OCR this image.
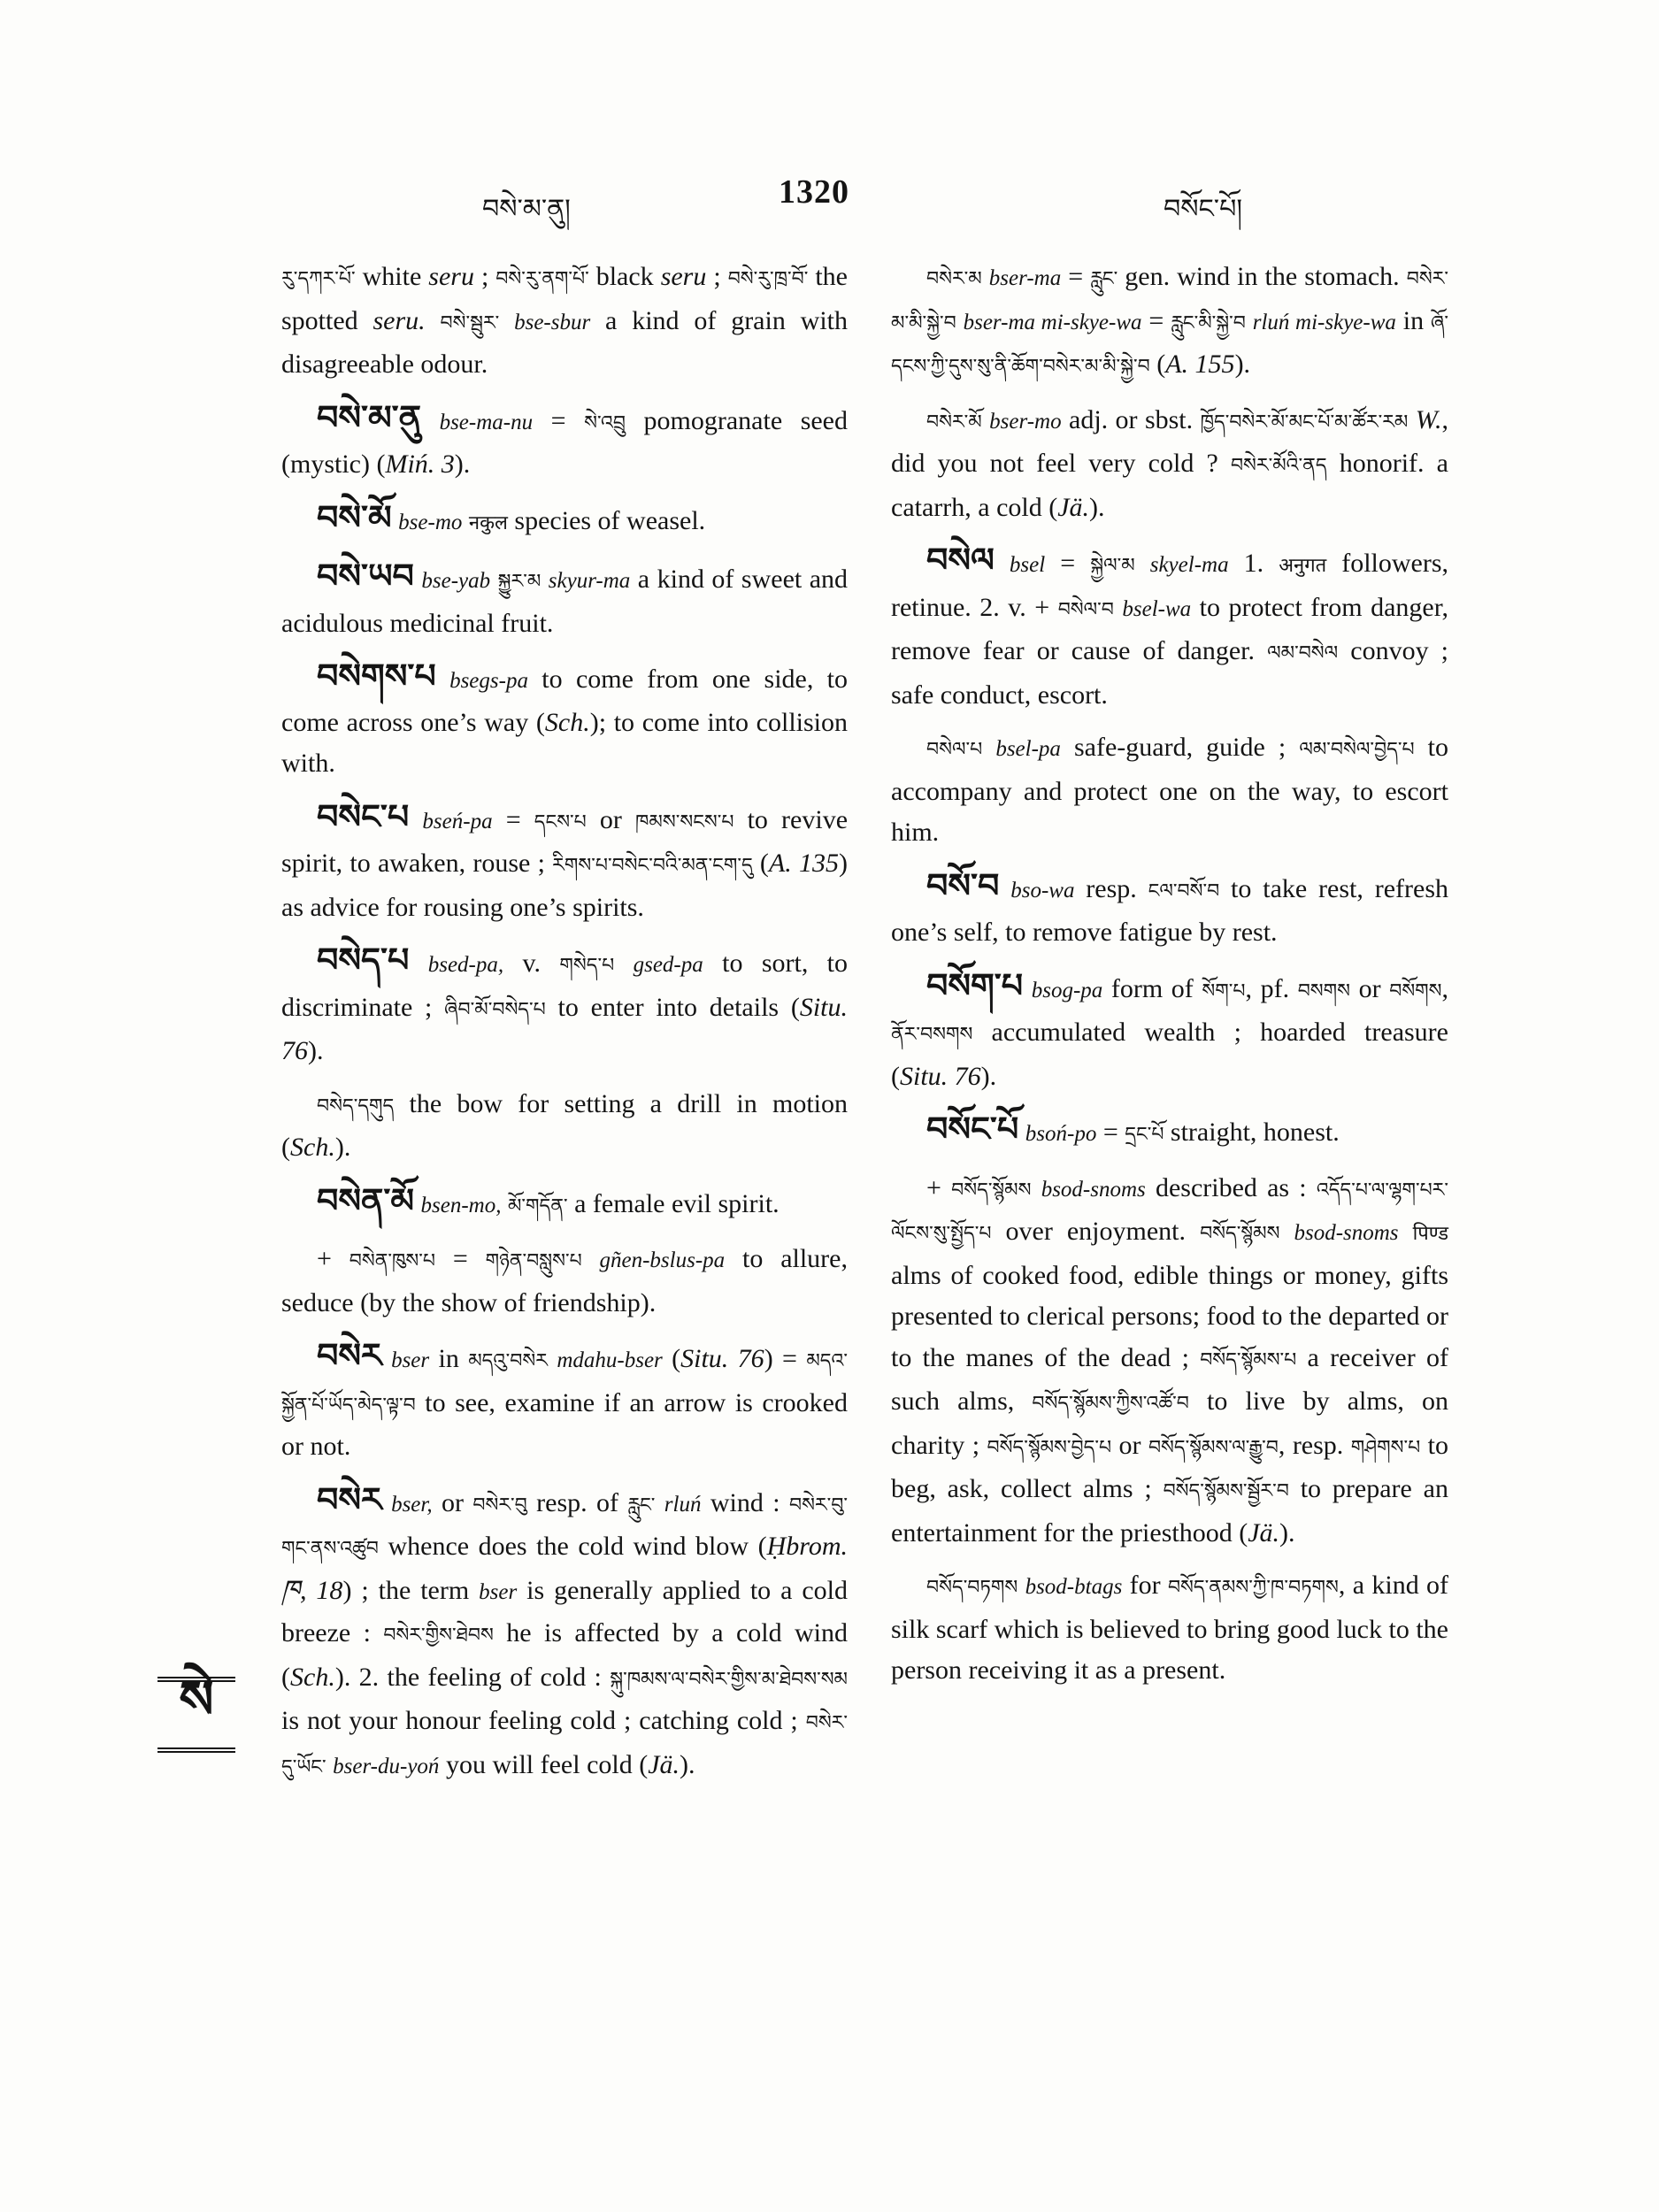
བསེ་མ་ནུ།	1320	བསོང་པོ།

རུ་དཀར་པོ་ white seru ; བསེ་རུ་ནག་པོ་ black seru ; བསེ་རུ་ཁྲ་བོ་ the spotted seru. བསེ་སྦུར་ bse-sbur a kind of grain with disagreeable odour.

བསེ་མ་ནུ bse-ma-nu = སེ་འབྲུ pomogranate seed (mystic) (Miń. 3).

བསེ་མོ bse-mo नकुल species of weasel.

བསེ་ཡབ bse-yab སྐྱུར་མ skyur-ma a kind of sweet and acidulous medicinal fruit.

བསེགས་པ bsegs-pa to come from one side, to come across one’s way (Sch.); to come into collision with.

བསེང་པ bseń-pa = དངས་པ or ཁམས་སངས་པ to revive spirit, to awaken, rouse ; རིགས་པ་བསེང་བའི་མན་ངག་དུ (A. 135) as advice for rousing one’s spirits.

བསེད་པ bsed-pa, v. གསེད་པ gsed-pa to sort, to discriminate ; ཞིབ་མོ་བསེད་པ to enter into details (Situ. 76).

བསེད་དགུད the bow for setting a drill in motion (Sch.).

བསེན་མོ bsen-mo, མོ་གདོན་ a female evil spirit.

+ བསེན་ཁུས་པ = གཉེན་བསླུས་པ gñen-bslus-pa to allure, seduce (by the show of friendship).

བསེར bser in མདའུ་བསེར mdahu-bser (Situ. 76) = མདའ་སྐྱོན་པོ་ཡོད་མེད་ལྟ་བ to see, examine if an arrow is crooked or not.

བསེར bser, or བསེར་བུ resp. of རླུང་ rluń wind : བསེར་བུ་གང་ནས་འཚུབ whence does the cold wind blow (Ḥbrom. ཁ, 18) ; the term bser is generally applied to a cold breeze : བསེར་གྱིས་ཐེབས he is affected by a cold wind (Sch.). 2. the feeling of cold : སྐུ་ཁམས་ལ་བསེར་གྱིས་མ་ཐེབས་སམ is not your honour feeling cold ; catching cold ; བསེར་དུ་ཡོང་ bser-du-yoń you will feel cold (Jä.).

བསེར་མ bser-ma = རླུང་ gen. wind in the stomach. བསེར་མ་མི་སྐྱེ་བ bser-ma mi-skye-wa = རླུང་མི་སྐྱེ་བ rluń mi-skye-wa in ཞོ་དངས་ཀྱི་དུས་སུ་ནི་ཆོག་བསེར་མ་མི་སྐྱེ་བ (A. 155).

བསེར་མོ bser-mo adj. or sbst. ཁྱོད་བསེར་མོ་མང་པོ་མ་ཚོར་རམ W., did you not feel very cold ? བསེར་མོའི་ནད honorif. a catarrh, a cold (Jä.).

བསེལ bsel = སྐྱེལ་མ skyel-ma 1. अनुगत followers, retinue. 2. v. + བསེལ་བ bsel-wa to protect from danger, remove fear or cause of danger. ལམ་བསེལ convoy ; safe conduct, escort.

བསེལ་པ bsel-pa safe-guard, guide ; ལམ་བསེལ་བྱེད་པ to accompany and protect one on the way, to escort him.

བསོ་བ bso-wa resp. ངལ་བསོ་བ to take rest, refresh one’s self, to remove fatigue by rest.

བསོག་པ bsog-pa form of སོག་པ, pf. བསགས or བསོགས, ནོར་བསགས accumulated wealth ; hoarded treasure (Situ. 76).

བསོང་པོ bsoń-po = དྲང་པོ straight, honest.

+ བསོད་སྙོམས bsod-snoms described as : འདོད་པ་ལ་ལྷག་པར་ལོངས་སུ་སྤྱོད་པ over enjoyment. བསོད་སྙོམས bsod-snoms पिण्ड alms of cooked food, edible things or money, gifts presented to clerical persons; food to the departed or to the manes of the dead ; བསོད་སྙོམས་པ a receiver of such alms, བསོད་སྙོམས་ཀྱིས་འཚོ་བ to live by alms, on charity ; བསོད་སྙོམས་བྱེད་པ or བསོད་སྙོམས་ལ་རྒྱུ་བ, resp. གཤེགས་པ to beg, ask, collect alms ; བསོད་སྙོམས་སྦྱོར་བ to prepare an entertainment for the priesthood (Jä.).

བསོད་བཏགས bsod-btags for བསོད་ནམས་ཀྱི་ཁ་བཏགས, a kind of silk scarf which is believed to bring good luck to the person receiving it as a present.

སེ
